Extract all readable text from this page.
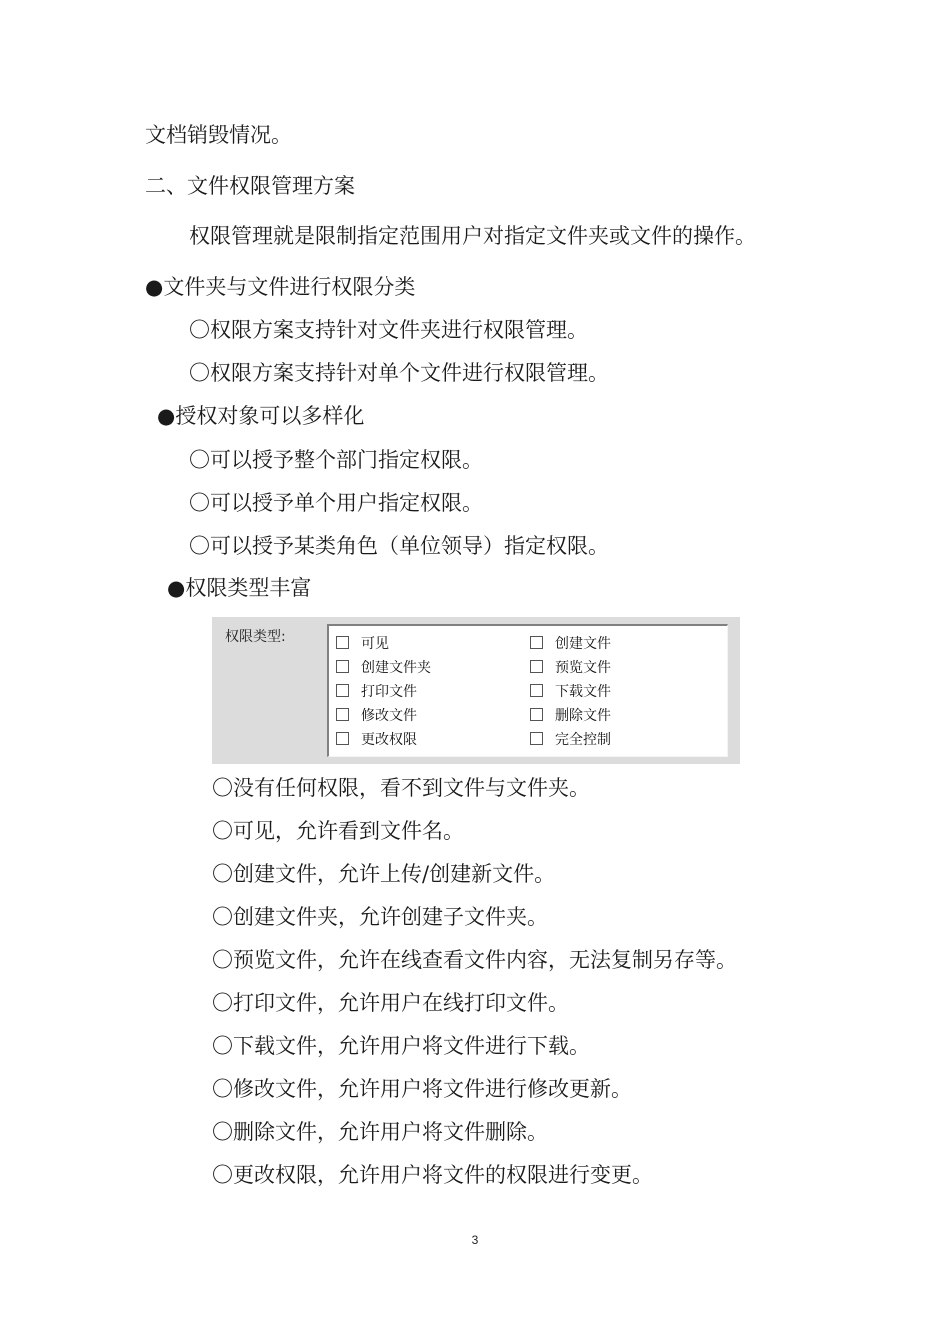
文档销毁情况。
二、文件权限管理方案
权限管理就是限制指定范围用户对指定文件夹或文件的操作。
●文件夹与文件进行权限分类
〇权限方案支持针对文件夹进行权限管理。
〇权限方案支持针对单个文件进行权限管理。
●授权对象可以多样化
〇可以授予整个部门指定权限。
〇可以授予单个用户指定权限。
〇可以授予某类角色（单位领导）指定权限。
●权限类型丰富
权限类型:	可见
创建文件夹
打印文件
修改文件
更改权限
创建文件
预览文件
下载文件
删除文件
完全控制
〇没有任何权限，看不到文件与文件夹。
〇可见，允许看到文件名。
〇创建文件，允许上传/创建新文件。
〇创建文件夹，允许创建子文件夹。
〇预览文件，允许在线查看文件内容，无法复制另存等。
〇打印文件，允许用户在线打印文件。
〇下载文件，允许用户将文件进行下载。
〇修改文件，允许用户将文件进行修改更新。
〇删除文件，允许用户将文件删除。
〇更改权限，允许用户将文件的权限进行变更。
3
